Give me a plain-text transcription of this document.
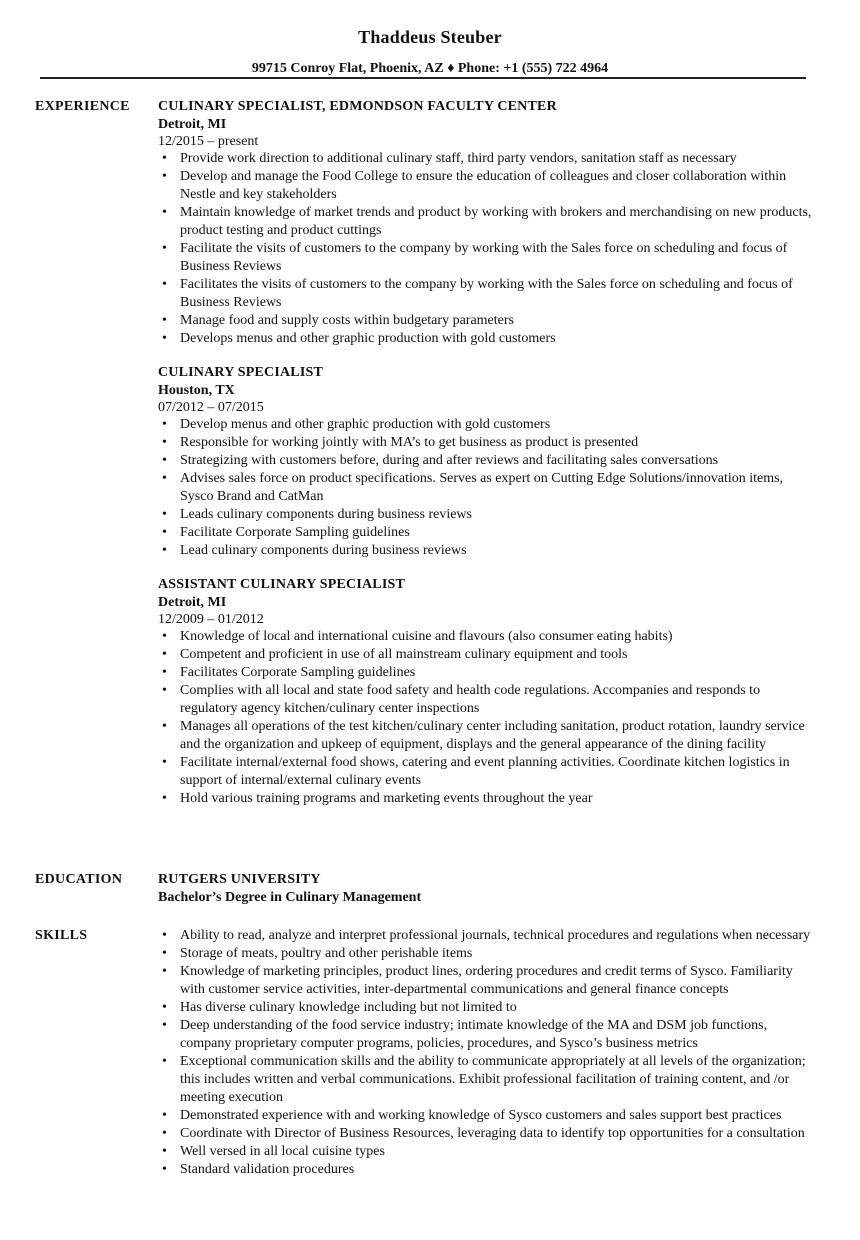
Thaddeus Steuber
99715 Conroy Flat, Phoenix, AZ ♦ Phone: +1 (555) 722 4964
EXPERIENCE CULINARY SPECIALIST, EDMONDSON FACULTY CENTER
Detroit, MI
12/2015 – present
• Provide work direction to additional culinary staff, third party vendors, sanitation staff as necessary
• Develop and manage the Food College to ensure the education of colleagues and closer collaboration within Nestle and key stakeholders
• Maintain knowledge of market trends and product by working with brokers and merchandising on new products, product testing and product cuttings
• Facilitate the visits of customers to the company by working with the Sales force on scheduling and focus of Business Reviews
• Facilitates the visits of customers to the company by working with the Sales force on scheduling and focus of Business Reviews
• Manage food and supply costs within budgetary parameters
• Develops menus and other graphic production with gold customers
CULINARY SPECIALIST
Houston, TX
07/2012 – 07/2015
• Develop menus and other graphic production with gold customers
• Responsible for working jointly with MA’s to get business as product is presented
• Strategizing with customers before, during and after reviews and facilitating sales conversations
• Advises sales force on product specifications. Serves as expert on Cutting Edge Solutions/innovation items, Sysco Brand and CatMan
• Leads culinary components during business reviews
• Facilitate Corporate Sampling guidelines
• Lead culinary components during business reviews
ASSISTANT CULINARY SPECIALIST
Detroit, MI
12/2009 – 01/2012
• Knowledge of local and international cuisine and flavours (also consumer eating habits)
• Competent and proficient in use of all mainstream culinary equipment and tools
• Facilitates Corporate Sampling guidelines
• Complies with all local and state food safety and health code regulations. Accompanies and responds to regulatory agency kitchen/culinary center inspections
• Manages all operations of the test kitchen/culinary center including sanitation, product rotation, laundry service and the organization and upkeep of equipment, displays and the general appearance of the dining facility
• Facilitate internal/external food shows, catering and event planning activities. Coordinate kitchen logistics in support of internal/external culinary events
• Hold various training programs and marketing events throughout the year
EDUCATION	RUTGERS UNIVERSITY
Bachelor’s Degree in Culinary Management
SKILLS
•	Ability to read, analyze and interpret professional journals, technical procedures and regulations when necessary
• Storage of meats, poultry and other perishable items
• Knowledge of marketing principles, product lines, ordering procedures and credit terms of Sysco. Familiarity with customer service activities, inter-departmental communications and general finance concepts
• Has diverse culinary knowledge including but not limited to
• Deep understanding of the food service industry; intimate knowledge of the MA and DSM job functions, company proprietary computer programs, policies, procedures, and Sysco’s business metrics
• Exceptional communication skills and the ability to communicate appropriately at all levels of the organization; this includes written and verbal communications. Exhibit professional facilitation of training content, and /or meeting execution
• Demonstrated experience with and working knowledge of Sysco customers and sales support best practices
• Coordinate with Director of Business Resources, leveraging data to identify top opportunities for a consultation
• Well versed in all local cuisine types
• Standard validation procedures
